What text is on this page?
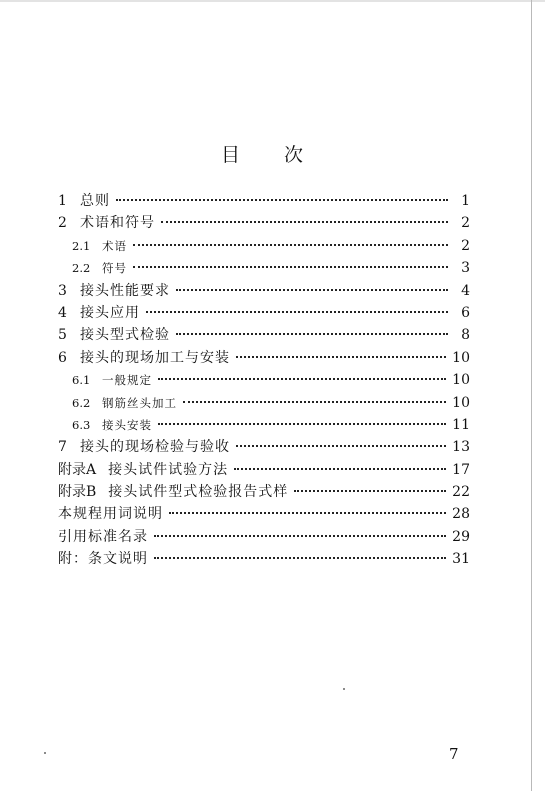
目 次
1 总则	1
2 术语和符号	2
2.1	术语	2
2.2	符号	3
3 接头性能要求	4
4 接头应用	6
5 接头型式检验	8
6 接头的现场加工与安装	10
6.1	一般规定	10
6.2	钢筋丝头加工	10
6.3	接头安装	11
7 接头的现场检验与验收	13
附录A 接头试件试验方法	17
附录B 接头试件型式检验报告式样	22
本规程用词说明	28
引用标准名录	29
附：条文说明	31
7
